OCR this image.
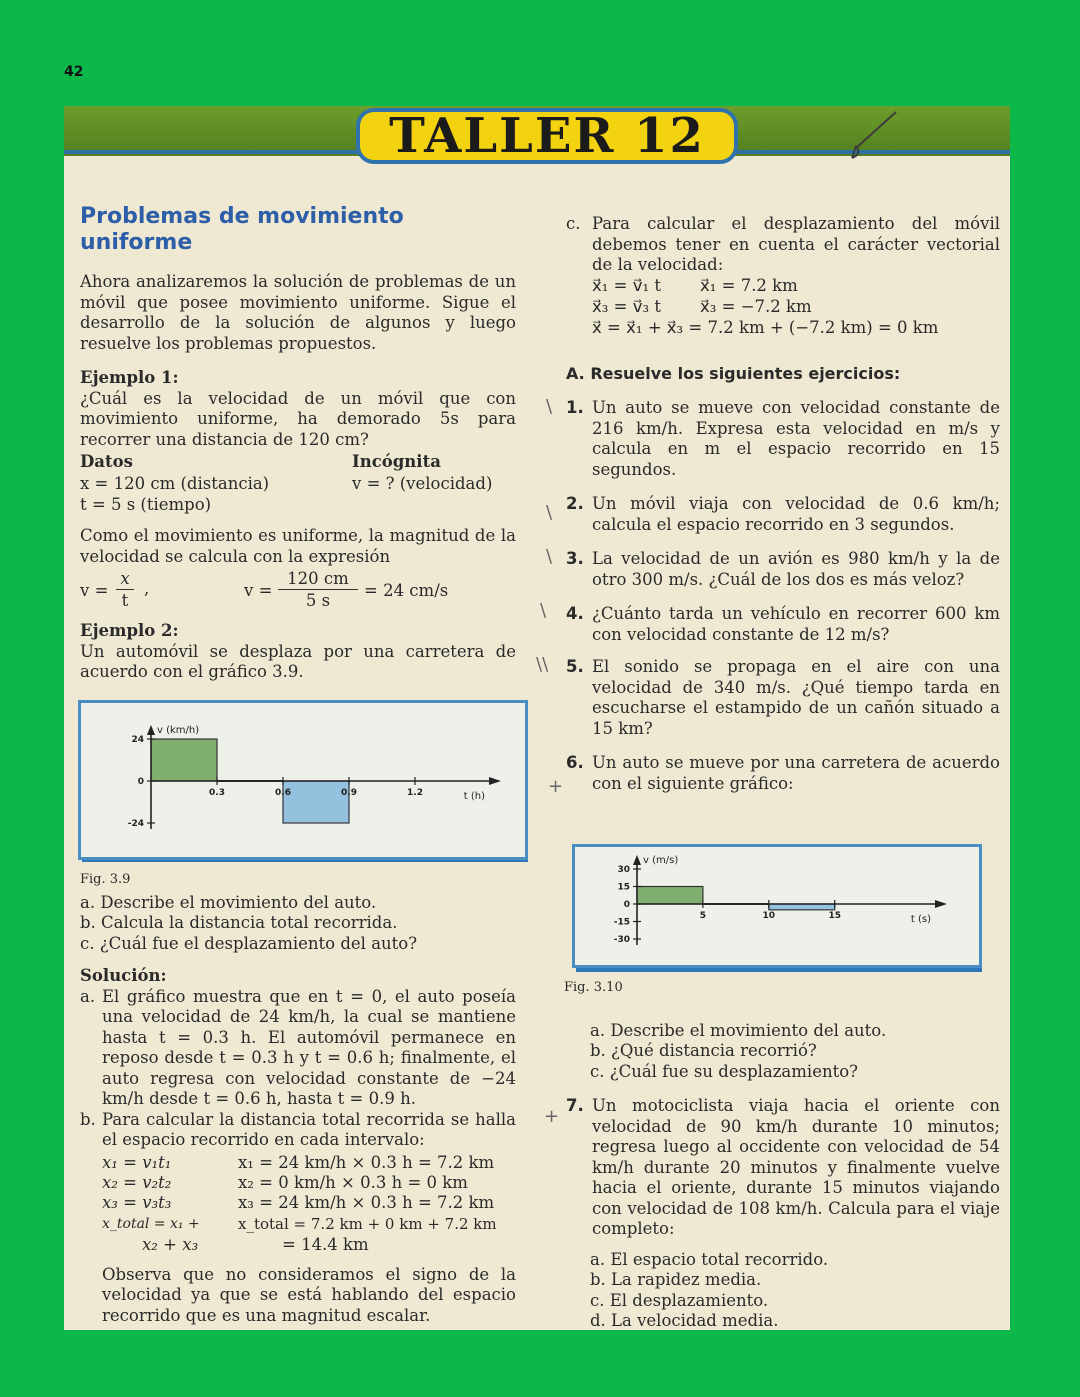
42
TALLER 12
Problemas de movimiento
uniforme
Ahora analizaremos la solución de problemas de un móvil que posee movimiento uniforme. Sigue el desarrollo de la solución de algunos y luego resuelve los problemas propuestos.
Ejemplo 1:
¿Cuál es la velocidad de un móvil que con movimiento uniforme, ha demorado 5s para recorrer una distancia de 120 cm?
Datos	Incógnita
x = 120 cm (distancia)	v = ? (velocidad)
t = 5 s (tiempo)
Como el movimiento es uniforme, la magnitud de la velocidad se calcula con la expresión
v =
x
t
,	v =
120 cm
5 s
= 24 cm/s
Ejemplo 2:
Un automóvil se desplaza por una carretera de acuerdo con el gráfico 3.9.
24
0
-24
0.3	0.6	0.9	1.2
v (km/h)
t (h)
Fig. 3.9
a. Describe el movimiento del auto.
b. Calcula la distancia total recorrida.
c. ¿Cuál fue el desplazamiento del auto?
Solución:
a. El gráfico muestra que en t = 0, el auto poseía una velocidad de 24 km/h, la cual se mantiene hasta t = 0.3 h. El automóvil permanece en reposo desde t = 0.3 h y t = 0.6 h; finalmente, el auto regresa con velocidad constante de −24 km/h desde t = 0.6 h, hasta t = 0.9 h.
b. Para calcular la distancia total recorrida se halla el espacio recorrido en cada intervalo:
x₁ = v₁t₁
x₂ = v₂t₂
x₃ = v₃t₃
x_total = x₁ +
x₂ + x₃
x₁ = 24 km/h × 0.3 h = 7.2 km
x₂ = 0 km/h × 0.3 h = 0 km
x₃ = 24 km/h × 0.3 h = 7.2 km
x_total = 7.2 km + 0 km + 7.2 km
= 14.4 km
Observa que no consideramos el signo de la velocidad ya que se está hablando del espacio recorrido que es una magnitud escalar.
c. Para calcular el desplazamiento del móvil debemos tener en cuenta el carácter vectorial de la velocidad:
x⃗₁ = v⃗₁ t x⃗₁ = 7.2 km
x⃗₃ = v⃗₃ t x⃗₃ = −7.2 km
x⃗ = x⃗₁ + x⃗₃ = 7.2 km + (−7.2 km) = 0 km
A. Resuelve los siguientes ejercicios:
1. Un auto se mueve con velocidad constante de 216 km/h. Expresa esta velocidad en m/s y calcula en m el espacio recorrido en 15 segundos.
2. Un móvil viaja con velocidad de 0.6 km/h; calcula el espacio recorrido en 3 segundos.
3. La velocidad de un avión es 980 km/h y la de otro 300 m/s. ¿Cuál de los dos es más veloz?
4. ¿Cuánto tarda un vehículo en recorrer 600 km con velocidad constante de 12 m/s?
5. El sonido se propaga en el aire con una velocidad de 340 m/s. ¿Qué tiempo tarda en escucharse el estampido de un cañón situado a 15 km?
6. Un auto se mueve por una carretera de acuerdo con el siguiente gráfico:
30
15
0
-15
-30
5	10	15
v (m/s)
t (s)
Fig. 3.10
a. Describe el movimiento del auto.
b. ¿Qué distancia recorrió?
c. ¿Cuál fue su desplazamiento?
7. Un motociclista viaja hacia el oriente con velocidad de 90 km/h durante 10 minutos; regresa luego al occidente con velocidad de 54 km/h durante 20 minutos y finalmente vuelve hacia el oriente, durante 15 minutos viajando con velocidad de 108 km/h. Calcula para el viaje completo:
a. El espacio total recorrido.
b. La rapidez media.
c. El desplazamiento.
d. La velocidad media.
\
\
\
\
\\
+
+
